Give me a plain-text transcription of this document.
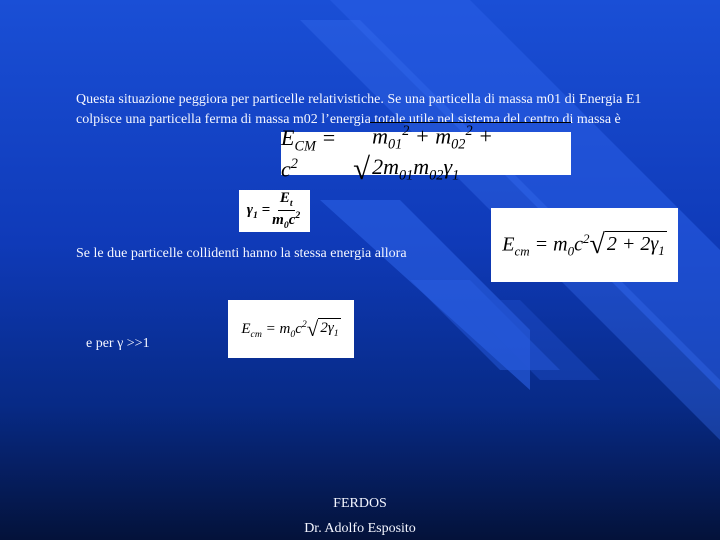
Questa situazione peggiora per particelle relativistiche. Se una particella di massa m01 di Energia E1 colpisce una particella ferma di massa m02 l’energia totale utile nel sistema del centro di massa è
$E_{CM} = c^2$	√
$m_{01}^2 + m_{02}^2 + 2m_{01}m_{02}\gamma_1$
$\gamma_1 = \frac{E_t}{m_0c^2}$
$E_{cm} = m_0c^2$ √ $2 + 2\gamma_1$
Se le due particelle collidenti hanno la stessa energia allora
e per γ >>1
$E_{cm} = m_0c^2$ √ $2\gamma_1$
FERDOS
Dr. Adolfo Esposito
